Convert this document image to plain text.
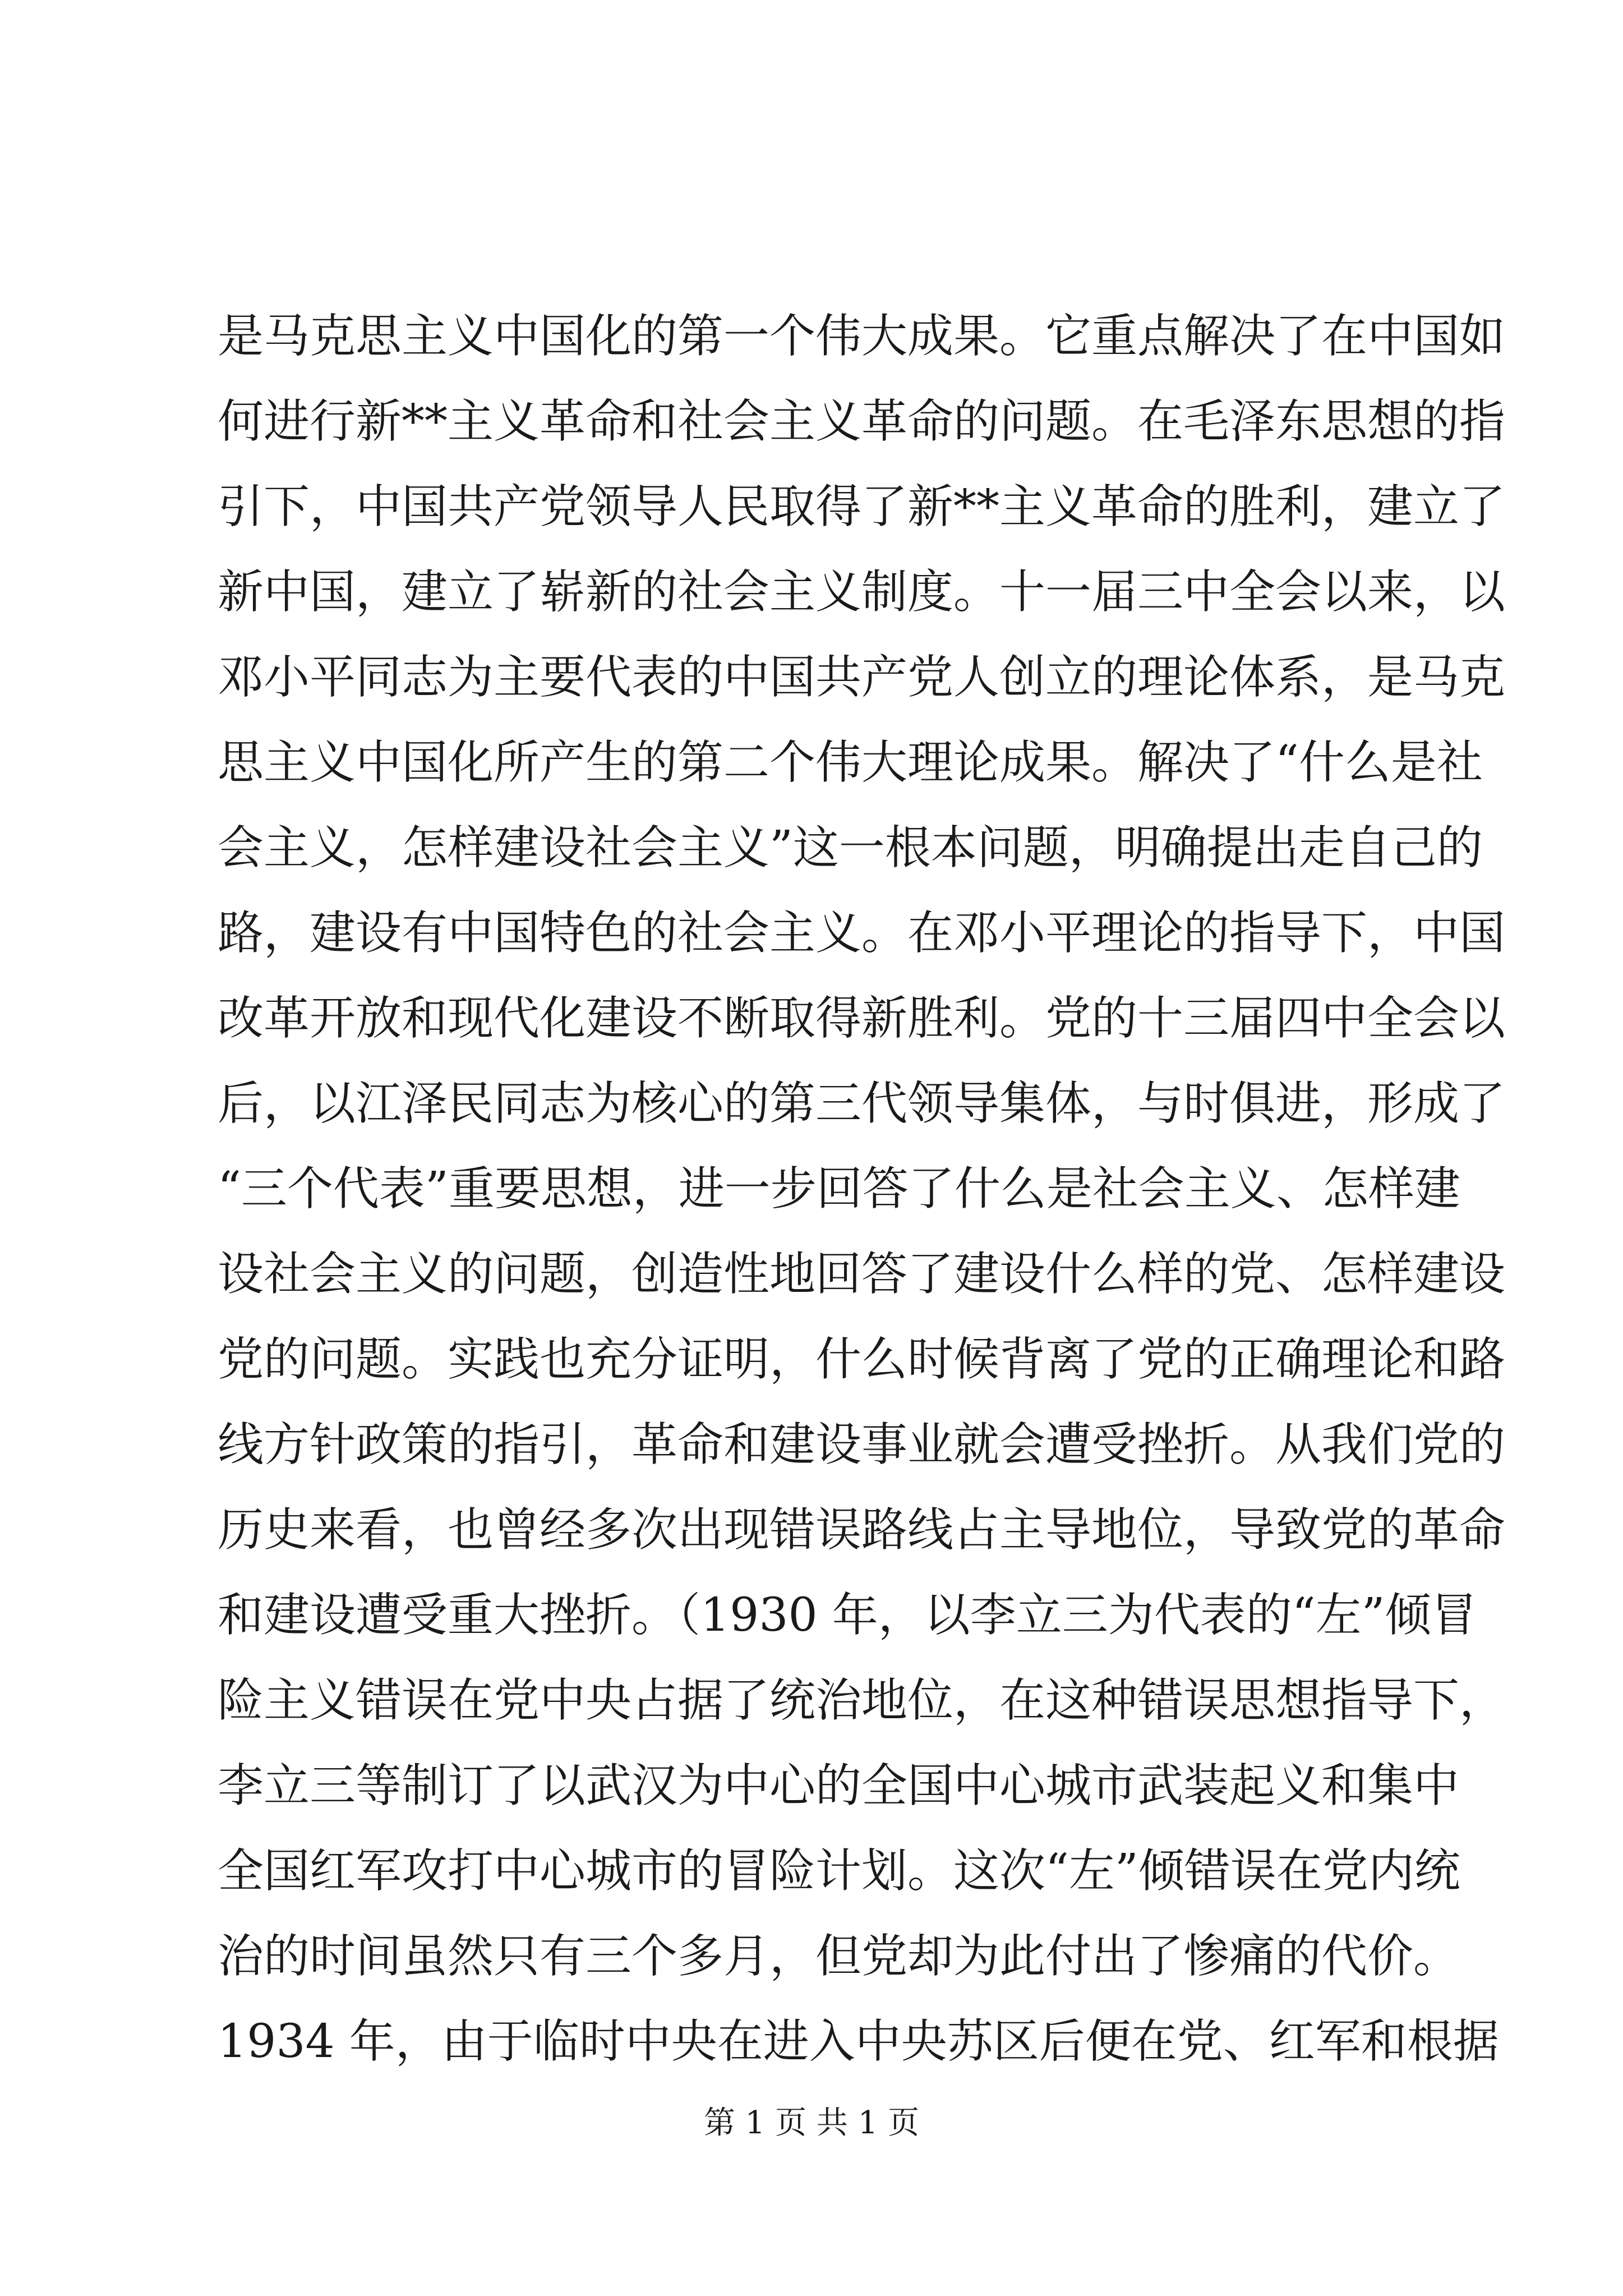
是马克思主义中国化的第一个伟大成果。它重点解决了在中国如
何进行新**主义革命和社会主义革命的问题。在毛泽东思想的指
引下，中国共产党领导人民取得了新**主义革命的胜利，建立了
新中国，建立了崭新的社会主义制度。十一届三中全会以来，以
邓小平同志为主要代表的中国共产党人创立的理论体系，是马克
思主义中国化所产生的第二个伟大理论成果。解决了“什么是社
会主义，怎样建设社会主义”这一根本问题，明确提出走自己的
路，建设有中国特色的社会主义。在邓小平理论的指导下，中国
改革开放和现代化建设不断取得新胜利。党的十三届四中全会以
后，以江泽民同志为核心的第三代领导集体，与时俱进，形成了
“三个代表”重要思想，进一步回答了什么是社会主义、怎样建
设社会主义的问题，创造性地回答了建设什么样的党、怎样建设
党的问题。实践也充分证明，什么时候背离了党的正确理论和路
线方针政策的指引，革命和建设事业就会遭受挫折。从我们党的
历史来看，也曾经多次出现错误路线占主导地位，导致党的革命
和建设遭受重大挫折。（1930 年，以李立三为代表的“左”倾冒
险主义错误在党中央占据了统治地位，在这种错误思想指导下，
李立三等制订了以武汉为中心的全国中心城市武装起义和集中
全国红军攻打中心城市的冒险计划。这次“左”倾错误在党内统
治的时间虽然只有三个多月，但党却为此付出了惨痛的代价。
1934 年，由于临时中央在进入中央苏区后便在党、红军和根据
第 1 页 共 1 页
